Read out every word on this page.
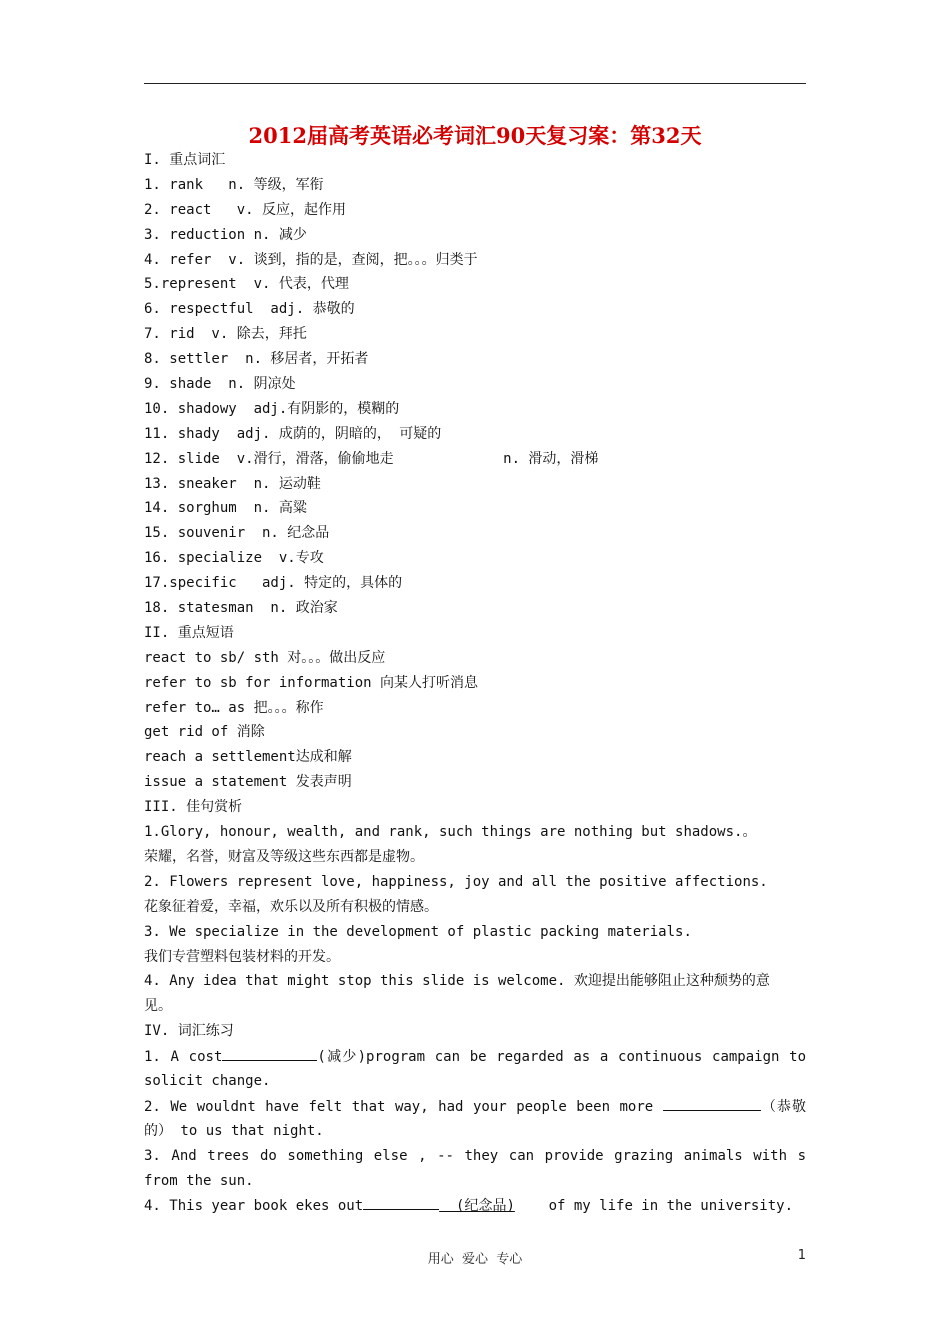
2012届高考英语必考词汇90天复习案：第32天
I. 重点词汇
1. rank   n. 等级，军衔
2. react   v. 反应，起作用
3. reduction n. 减少
4. refer  v. 谈到，指的是，查阅，把。。。归类于
5.represent  v. 代表，代理
6. respectful  adj. 恭敬的
7. rid  v. 除去，拜托
8. settler  n. 移居者，开拓者
9. shade  n. 阴凉处
10. shadowy  adj.有阴影的，模糊的
11. shady  adj. 成荫的，阴暗的， 可疑的
12. slide  v.滑行，滑落，偷偷地走             n. 滑动，滑梯
13. sneaker  n. 运动鞋
14. sorghum  n. 高粱
15. souvenir  n. 纪念品
16. specialize  v.专攻
17.specific   adj. 特定的，具体的
18. statesman  n. 政治家
II. 重点短语
react to sb/ sth 对。。。做出反应
refer to sb for information 向某人打听消息
refer to… as 把。。。称作
get rid of 消除
reach a settlement达成和解
issue a statement 发表声明
III. 佳句赏析
1.Glory, honour, wealth, and rank, such things are nothing but shadows.。
荣耀，名誉，财富及等级这些东西都是虚物。
2. Flowers represent love, happiness, joy and all the positive affections.
花象征着爱，幸福，欢乐以及所有积极的情感。
3. We specialize in the development of plastic packing materials.
我们专营塑料包装材料的开发。
4. Any idea that might stop this slide is welcome. 欢迎提出能够阻止这种颓势的意
见。
IV. 词汇练习
1. A cost	(减少)program can be regarded as a continuous campaign to
solicit change.
2. We wouldnt have felt that way, had your people been more	（恭敬
的） to us that night.
3. And trees do something else , -- they can provide grazing animals with s
from the sun.
4. This year book ekes out	(纪念品)    of my life in the university.
用心  爱心  专心	1
